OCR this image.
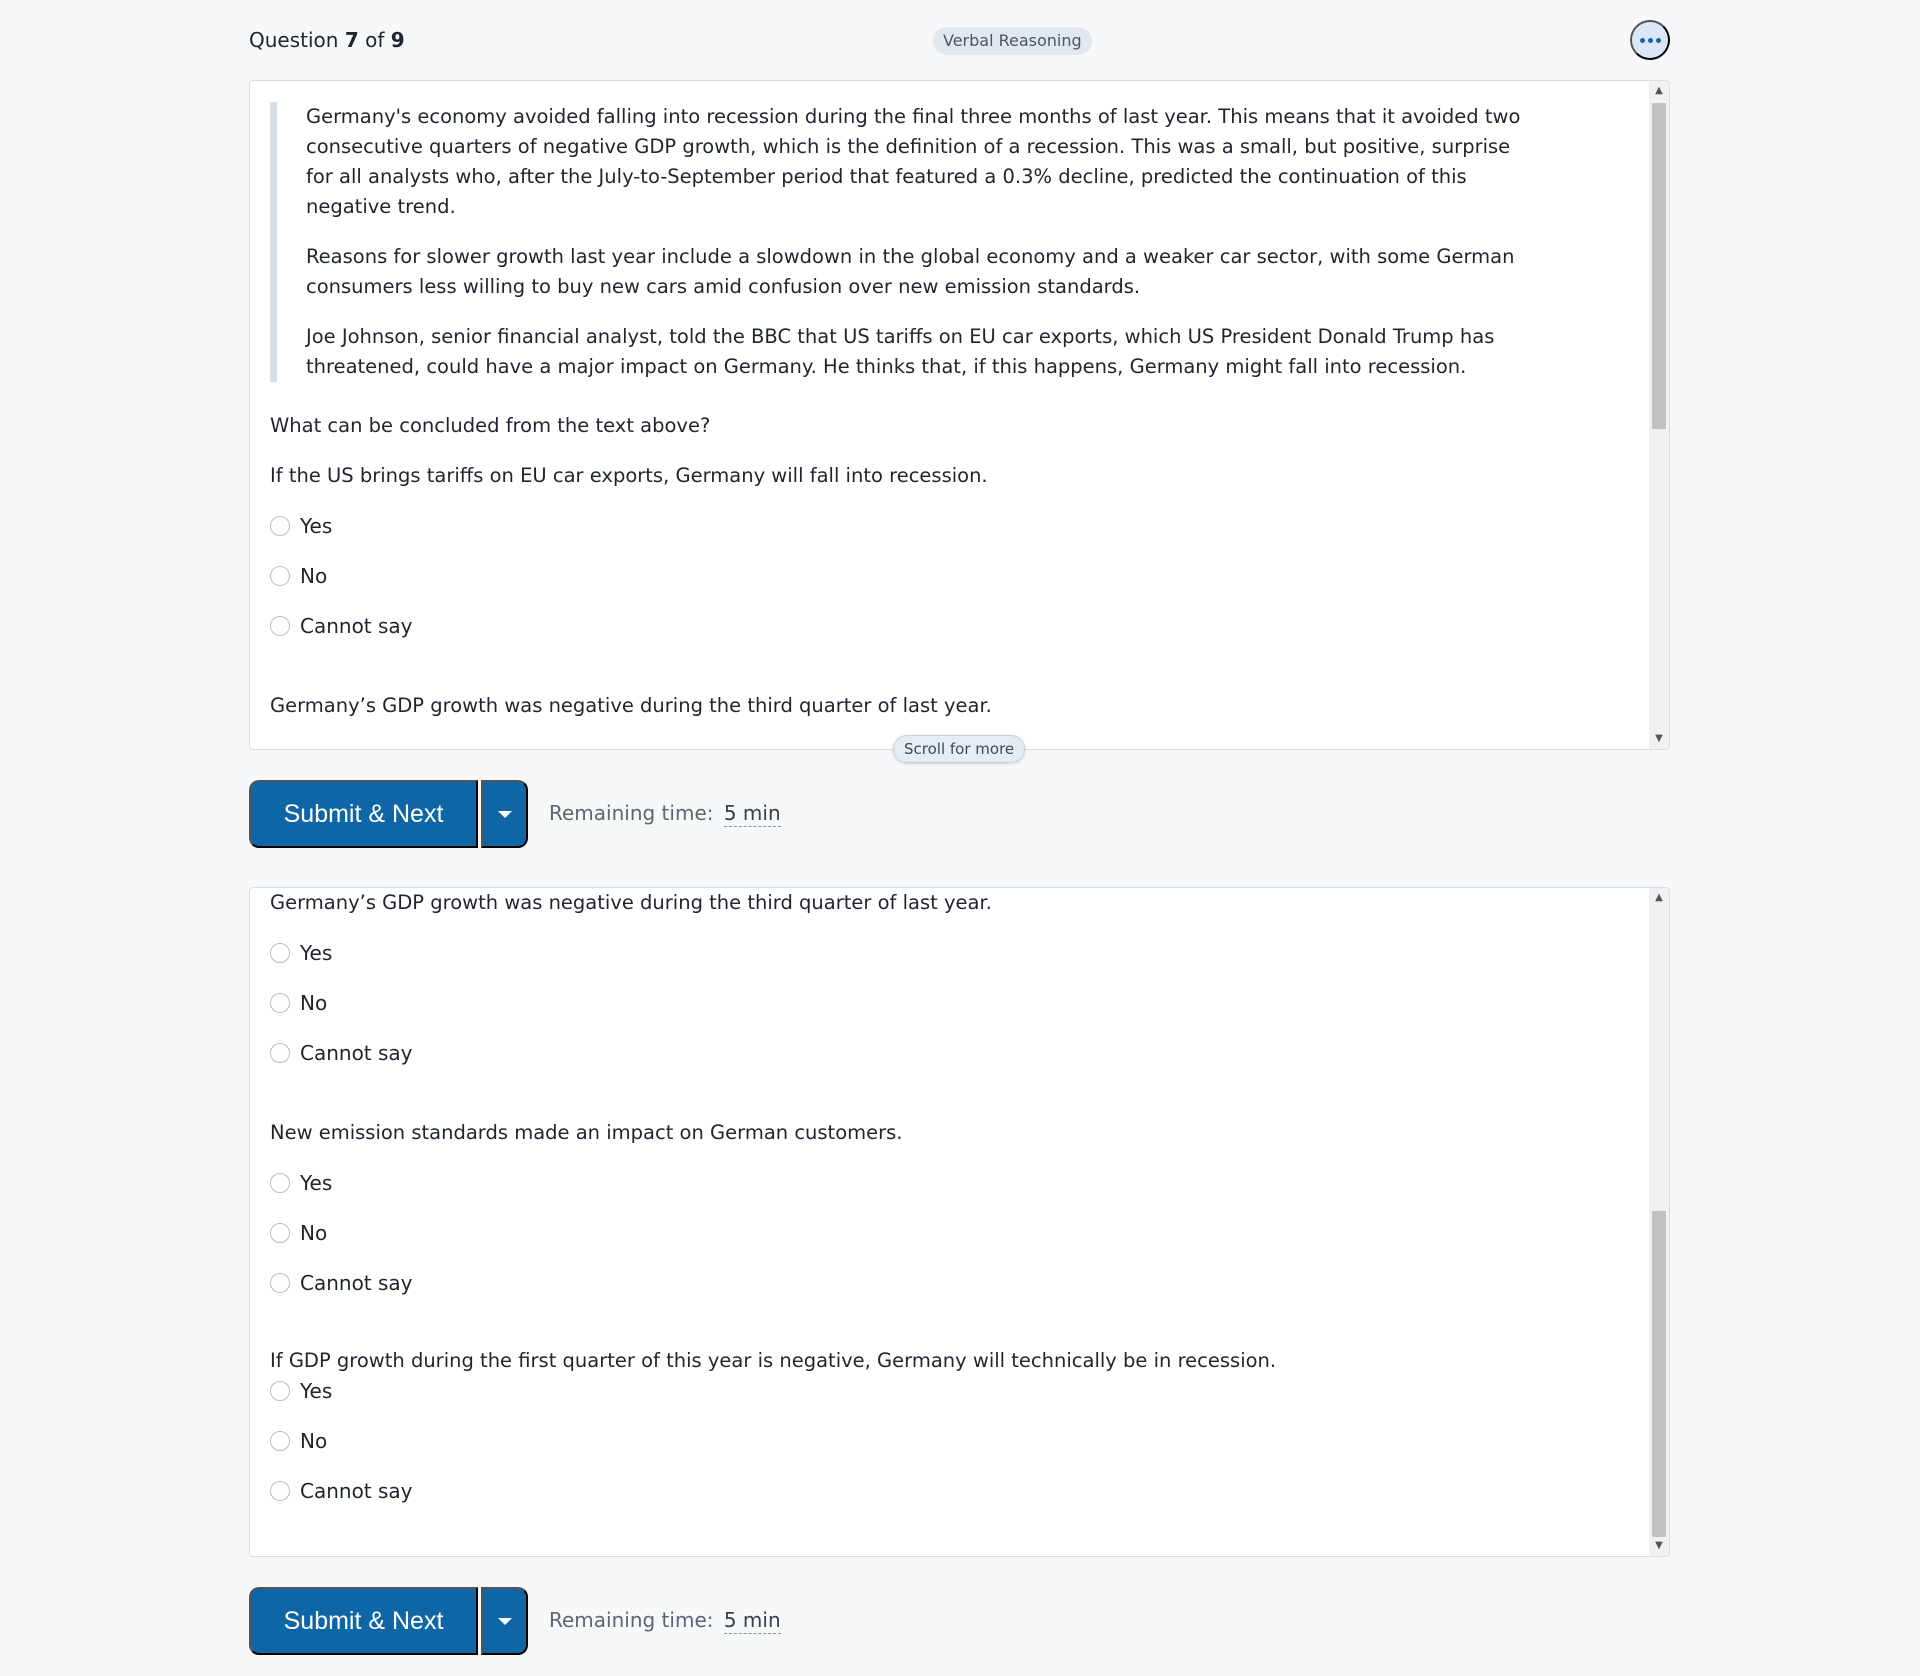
Question 7 of 9	Verbal Reasoning

Germany's economy avoided falling into recession during the final three months of last year. This means that it avoided two consecutive quarters of negative GDP growth, which is the definition of a recession. This was a small, but positive, surprise for all analysts who, after the July-to-September period that featured a 0.3% decline, predicted the continuation of this negative trend.

Reasons for slower growth last year include a slowdown in the global economy and a weaker car sector, with some German consumers less willing to buy new cars amid confusion over new emission standards.

Joe Johnson, senior financial analyst, told the BBC that US tariffs on EU car exports, which US President Donald Trump has threatened, could have a major impact on Germany. He thinks that, if this happens, Germany might fall into recession.

What can be concluded from the text above?
If the US brings tariffs on EU car exports, Germany will fall into recession.
Yes
No
Cannot say
Germany’s GDP growth was negative during the third quarter of last year.
▲
▼
Scroll for more
Submit & Next	Remaining time: 5 min
Germany’s GDP growth was negative during the third quarter of last year.
Yes
No
Cannot say
New emission standards made an impact on German customers.
Yes
No
Cannot say
If GDP growth during the first quarter of this year is negative, Germany will technically be in recession.
Yes
No
Cannot say
▲
▼
Submit & Next	Remaining time: 5 min
